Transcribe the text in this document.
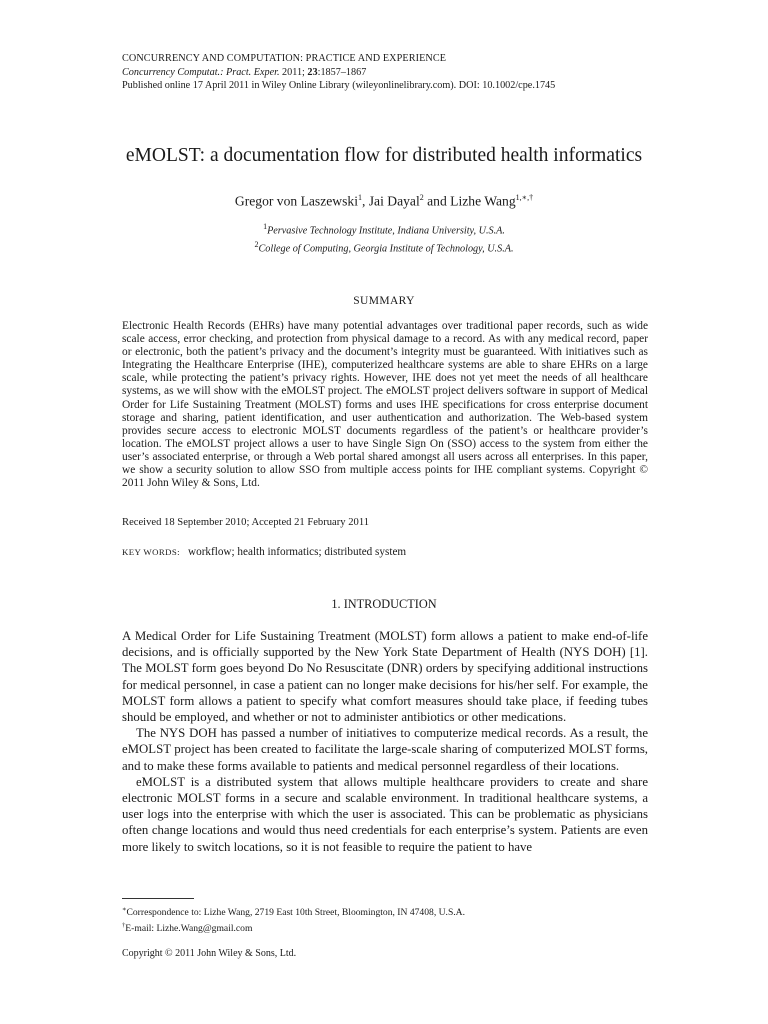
CONCURRENCY AND COMPUTATION: PRACTICE AND EXPERIENCE
Concurrency Computat.: Pract. Exper. 2011; 23:1857–1867
Published online 17 April 2011 in Wiley Online Library (wileyonlinelibrary.com). DOI: 10.1002/cpe.1745
eMOLST: a documentation flow for distributed health informatics
Gregor von Laszewski$^1$, Jai Dayal$^2$ and Lizhe Wang$^{1,∗,\dagger}$
$^1$Pervasive Technology Institute, Indiana University, U.S.A.
$^2$College of Computing, Georgia Institute of Technology, U.S.A.
SUMMARY
Electronic Health Records (EHRs) have many potential advantages over traditional paper records, such as wide scale access, error checking, and protection from physical damage to a record. As with any medical record, paper or electronic, both the patient’s privacy and the document’s integrity must be guaranteed. With initiatives such as Integrating the Healthcare Enterprise (IHE), computerized healthcare systems are able to share EHRs on a large scale, while protecting the patient’s privacy rights. However, IHE does not yet meet the needs of all healthcare systems, as we will show with the eMOLST project. The eMOLST project delivers software in support of Medical Order for Life Sustaining Treatment (MOLST) forms and uses IHE specifications for cross enterprise document storage and sharing, patient identification, and user authentication and authorization. The Web-based system provides secure access to electronic MOLST documents regardless of the patient’s or healthcare provider’s location. The eMOLST project allows a user to have Single Sign On (SSO) access to the system from either the user’s associated enterprise, or through a Web portal shared amongst all users across all enterprises. In this paper, we show a security solution to allow SSO from multiple access points for IHE compliant systems. Copyright © 2011 John Wiley & Sons, Ltd.
Received 18 September 2010; Accepted 21 February 2011
KEY WORDS: workflow; health informatics; distributed system
1. INTRODUCTION

A Medical Order for Life Sustaining Treatment (MOLST) form allows a patient to make end-of-life decisions, and is officially supported by the New York State Department of Health (NYS DOH) [1]. The MOLST form goes beyond Do No Resuscitate (DNR) orders by specifying additional instructions for medical personnel, in case a patient can no longer make decisions for his/her self. For example, the MOLST form allows a patient to specify what comfort measures should take place, if feeding tubes should be employed, and whether or not to administer antibiotics or other medications.

The NYS DOH has passed a number of initiatives to computerize medical records. As a result, the eMOLST project has been created to facilitate the large-scale sharing of computerized MOLST forms, and to make these forms available to patients and medical personnel regardless of their locations.

eMOLST is a distributed system that allows multiple healthcare providers to create and share electronic MOLST forms in a secure and scalable environment. In traditional healthcare systems, a user logs into the enterprise with which the user is associated. This can be problematic as physicians often change locations and would thus need credentials for each enterprise’s system. Patients are even more likely to switch locations, so it is not feasible to require the patient to have

∗Correspondence to: Lizhe Wang, 2719 East 10th Street, Bloomington, IN 47408, U.S.A.
†E-mail: Lizhe.Wang@gmail.com
Copyright © 2011 John Wiley & Sons, Ltd.
